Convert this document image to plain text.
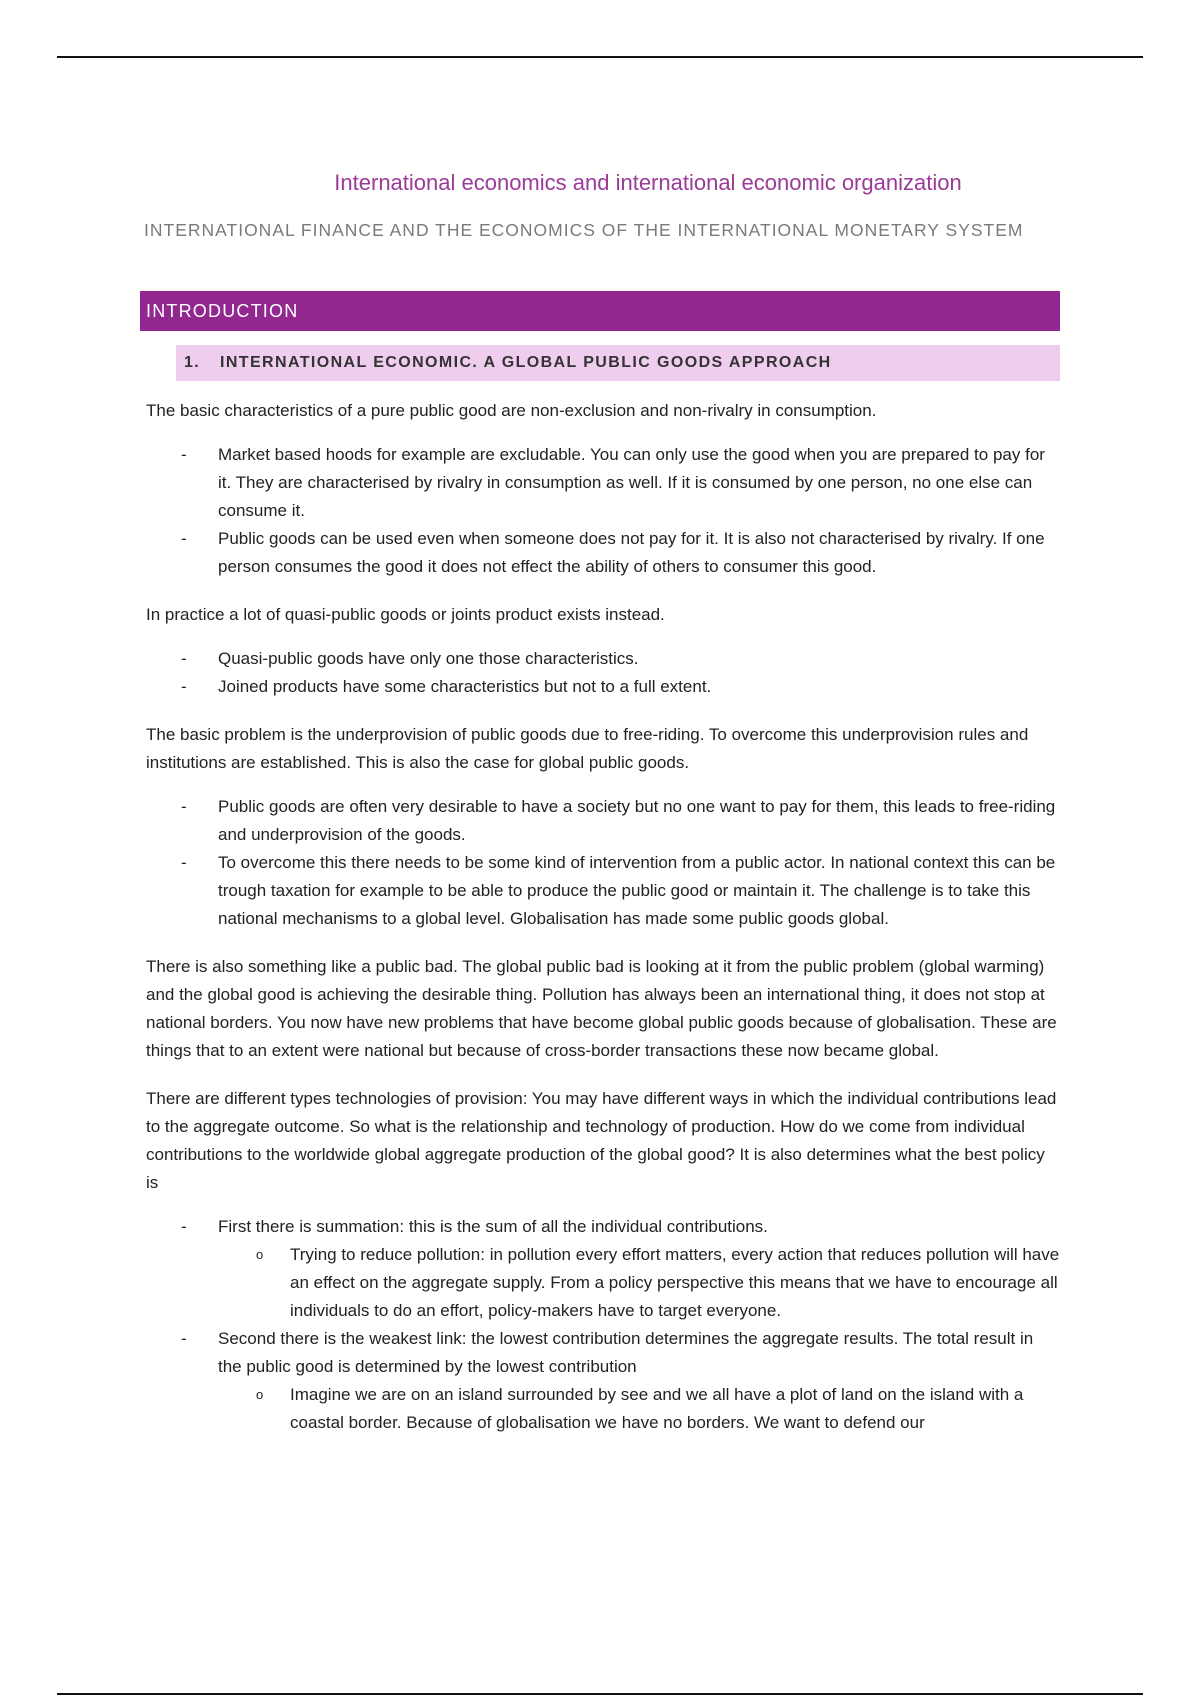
International economics and international economic organization
INTERNATIONAL FINANCE AND THE ECONOMICS OF THE INTERNATIONAL MONETARY SYSTEM
INTRODUCTION
1.	INTERNATIONAL ECONOMIC. A GLOBAL PUBLIC GOODS APPROACH

The basic characteristics of a pure public good are non-exclusion and non-rivalry in consumption.

- Market based hoods for example are excludable. You can only use the good when you are prepared to pay for it. They are characterised by rivalry in consumption as well. If it is consumed by one person, no one else can consume it.
- Public goods can be used even when someone does not pay for it. It is also not characterised by rivalry. If one person consumes the good it does not effect the ability of others to consumer this good.

In practice a lot of quasi-public goods or joints product exists instead.

- Quasi-public goods have only one those characteristics.
- Joined products have some characteristics but not to a full extent.

The basic problem is the underprovision of public goods due to free-riding. To overcome this underprovision rules and institutions are established. This is also the case for global public goods.

- Public goods are often very desirable to have a society but no one want to pay for them, this leads to free-riding and underprovision of the goods.
- To overcome this there needs to be some kind of intervention from a public actor. In national context this can be trough taxation for example to be able to produce the public good or maintain it. The challenge is to take this national mechanisms to a global level. Globalisation has made some public goods global.

There is also something like a public bad. The global public bad is looking at it from the public problem (global warming) and the global good is achieving the desirable thing. Pollution has always been an international thing, it does not stop at national borders. You now have new problems that have become global public goods because of globalisation. These are things that to an extent were national but because of cross-border transactions these now became global.

There are different types technologies of provision: You may have different ways in which the individual contributions lead to the aggregate outcome. So what is the relationship and technology of production. How do we come from individual contributions to the worldwide global aggregate production of the global good? It is also determines what the best policy is

- First there is summation: this is the sum of all the individual contributions.
o Trying to reduce pollution: in pollution every effort matters, every action that reduces pollution will have an effect on the aggregate supply. From a policy perspective this means that we have to encourage all individuals to do an effort, policy-makers have to target everyone.
- Second there is the weakest link: the lowest contribution determines the aggregate results. The total result in the public good is determined by the lowest contribution
o Imagine we are on an island surrounded by see and we all have a plot of land on the island with a coastal border. Because of globalisation we have no borders. We want to defend our
